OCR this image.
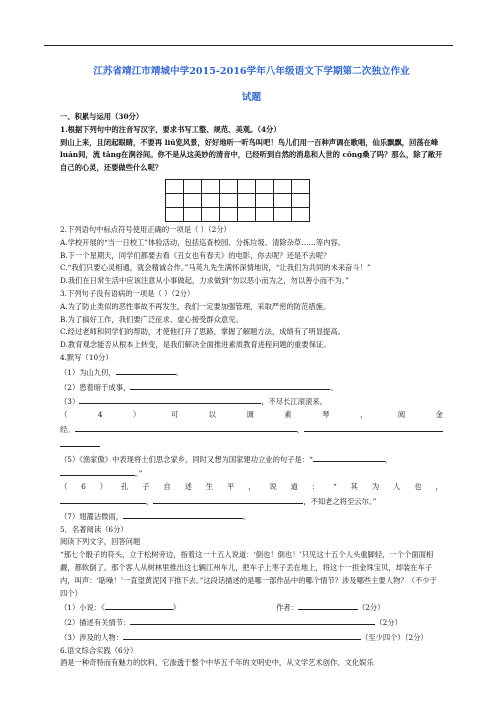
江苏省靖江市靖城中学2015-2016学年八年级语文下学期第二次独立作业
试题
一、积累与运用（30分）
1.根据下列句中的注音写汉字，要求书写工整、规范、美观。（4分）
到山上来，且闭起眼睛，不要再 liū览风景，好好地听一听鸟叫吧！鸟儿们用一百种声调在歌唱，仙乐飘飘，回荡在峰 luán间，流 tǎng在涧谷间。你不是从这美妙的清音中，已经听到自然的消息和人世的 cōng桑了吗？那么，除了敞开自己的心灵，还要做些什么呢？

2.下列语句中标点符号使用正确的一项是（ ）（2分）
A.学校开展的“当一日校工”体验活动，包括巡查校园、分拣垃圾、清除杂草……等内容。
B.下一个星期天，同学们都要去看《丑女也有春天》的电影，你去呢？还是不去呢？
C.“我们只要心灵相通，就会精诚合作。”马英九先生满怀深情地说，“让我们为共同的未来奋斗！”
D.我们在日常生活中应该注意从小事做起，力求做到“勿以恶小而为之，勿以善小而不为。”
3.下列句子没有语病的一项是（ ）（2分）
A.为了防止类似的恶性事故不再发生，我们一定要加强管理，采取严密的防范措施。
B.为了搞好工作，我们要广泛征求、虚心接受群众意见。
C.经过老师和同学们的帮助，才使他打开了思路，掌握了解题方法，成绩有了明显提高。
D.教育观念能否从根本上转变，是我们解决全面推进素质教育进程问题的重要保证。
4.默写（10分）
（1）为山九仞，	。
（2）患着暗于成事，	。
（3）	，不尽长江滚滚来。
（	4	）	可	以	调	素	琴	，	阅	金
经。	，
（5）《渔家傲》中表现将士们思念家乡，同时又想为国家建功立业的句子是：“	，
。”
（ 6 ） 孔 子 自 述 生 平 ， 说 道 ： “ 其 为 人 也 ，
，	，不知老之将至云尔。”
（7）翅濯沾微雨，	。
5．名著阅读（6分）
阅读下列文字，回答问题
“那七个骰子的符头，立于松树旁边，指着这一十五人说道：‘倒也！倒也！’只见这十五个人头重脚轻，一个个面面相觑，都软倒了。那个客人从树林里推出这七辆江州车儿，把车子上枣子丢在地上，将这十一担金珠宝贝，却装在车子内，叫声：‘聒噪！’一直望黄泥冈下推下去。”这段话描述的是哪一部作品中的哪个情节？涉及哪些主要人物？（不少于四个）
（1）小说：《	》	作者：	（2分）
（2）描述有关情节：	（2分）
（3）涉及的人物：	（至少四个）（2分）
6.语文综合实践（6分）
酒是一种奇特而有魅力的饮料，它渗透于整个中华五千年的文明史中，从文学艺术创作、文化娱乐
